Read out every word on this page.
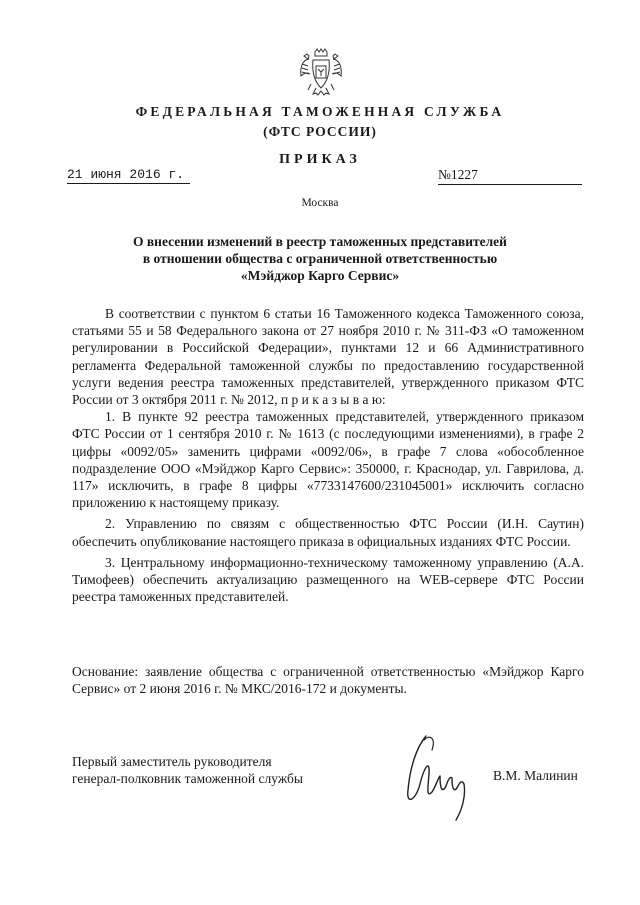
ФЕДЕРАЛЬНАЯ ТАМОЖЕННАЯ СЛУЖБА
(ФТС РОССИИ)
ПРИКАЗ
21 июня 2016 г.	№1227
Москва
О внесении изменений в реестр таможенных представителей
в отношении общества с ограниченной ответственностью
«Мэйджор Карго Сервис»

В соответствии с пунктом 6 статьи 16 Таможенного кодекса Таможенного союза, статьями 55 и 58 Федерального закона от 27 ноября 2010 г. № 311-ФЗ «О таможенном регулировании в Российской Федерации», пунктами 12 и 66 Административного регламента Федеральной таможенной службы по предоставлению государственной услуги ведения реестра таможенных представителей, утвержденного приказом ФТС России от 3 октября 2011 г. № 2012, п р и к а з ы в а ю:

1. В пункте 92 реестра таможенных представителей, утвержденного приказом ФТС России от 1 сентября 2010 г. № 1613 (с последующими изменениями), в графе 2 цифры «0092/05» заменить цифрами «0092/06», в графе 7 слова «обособленное подразделение ООО «Мэйджор Карго Сервис»: 350000, г. Краснодар, ул. Гаврилова, д. 117» исключить, в графе 8 цифры «7733147600/231045001» исключить согласно приложению к настоящему приказу.

2. Управлению по связям с общественностью ФТС России (И.Н. Саутин) обеспечить опубликование настоящего приказа в официальных изданиях ФТС России.

3. Центральному информационно-техническому таможенному управлению (А.А. Тимофеев) обеспечить актуализацию размещенного на WEB-сервере ФТС России реестра таможенных представителей.

Основание: заявление общества с ограниченной ответственностью «Мэйджор Карго Сервис» от 2 июня 2016 г. № МКС/2016-172 и документы.
Первый заместитель руководителя
генерал-полковник таможенной службы	В.М. Малинин
